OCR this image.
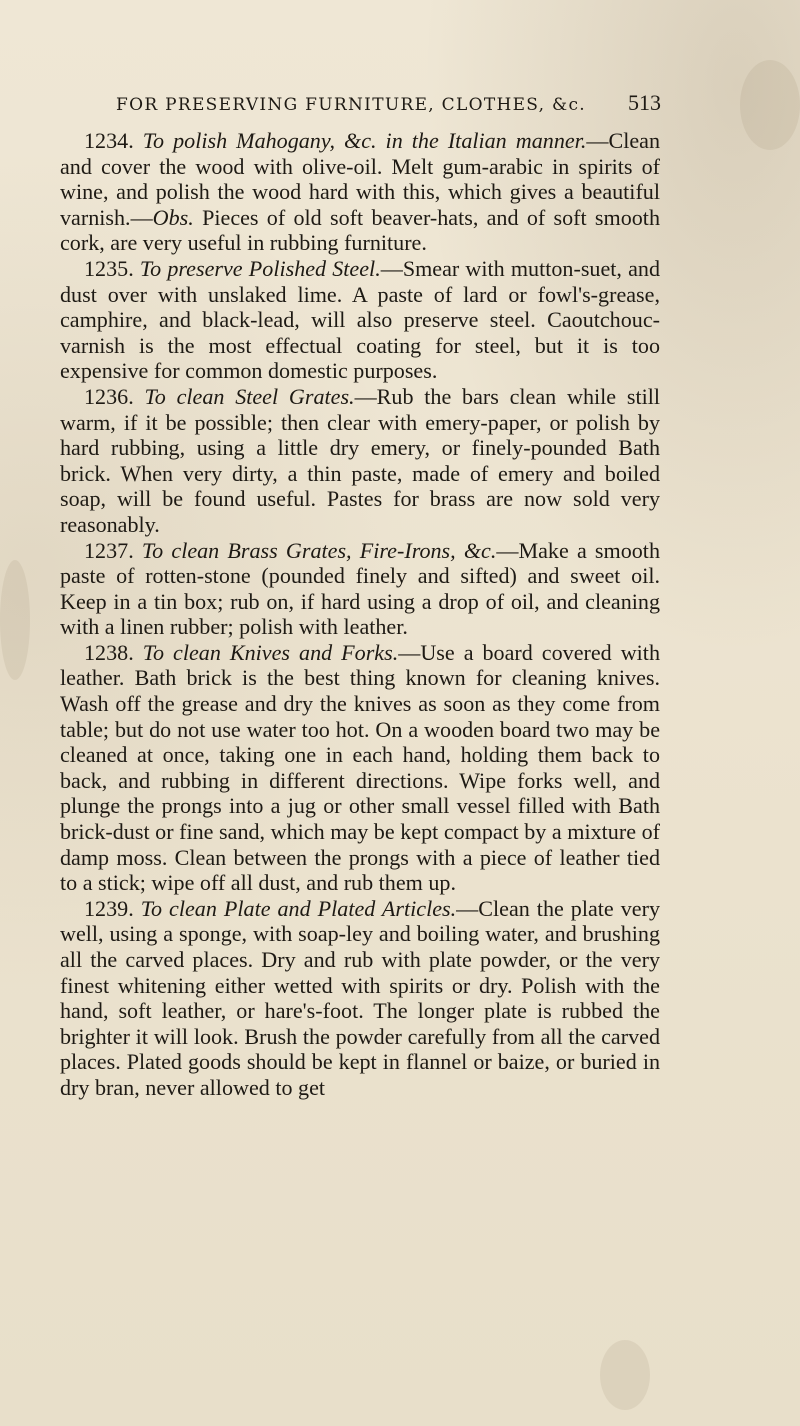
FOR PRESERVING FURNITURE, CLOTHES, &c. 513

1234. To polish Mahogany, &c. in the Italian manner.—Clean and cover the wood with olive-oil. Melt gum-arabic in spirits of wine, and polish the wood hard with this, which gives a beautiful varnish.—Obs. Pieces of old soft beaver-hats, and of soft smooth cork, are very useful in rubbing furniture.

1235. To preserve Polished Steel.—Smear with mutton-suet, and dust over with unslaked lime. A paste of lard or fowl's-grease, camphire, and black-lead, will also preserve steel. Caoutchouc-varnish is the most effectual coating for steel, but it is too expensive for common domestic purposes.

1236. To clean Steel Grates.—Rub the bars clean while still warm, if it be possible; then clear with emery-paper, or polish by hard rubbing, using a little dry emery, or finely-pounded Bath brick. When very dirty, a thin paste, made of emery and boiled soap, will be found useful. Pastes for brass are now sold very reasonably.

1237. To clean Brass Grates, Fire-Irons, &c.—Make a smooth paste of rotten-stone (pounded finely and sifted) and sweet oil. Keep in a tin box; rub on, if hard using a drop of oil, and cleaning with a linen rubber; polish with leather.

1238. To clean Knives and Forks.—Use a board covered with leather. Bath brick is the best thing known for cleaning knives. Wash off the grease and dry the knives as soon as they come from table; but do not use water too hot. On a wooden board two may be cleaned at once, taking one in each hand, holding them back to back, and rubbing in different directions. Wipe forks well, and plunge the prongs into a jug or other small vessel filled with Bath brick-dust or fine sand, which may be kept compact by a mixture of damp moss. Clean between the prongs with a piece of leather tied to a stick; wipe off all dust, and rub them up.

1239. To clean Plate and Plated Articles.—Clean the plate very well, using a sponge, with soap-ley and boiling water, and brushing all the carved places. Dry and rub with plate powder, or the very finest whitening either wetted with spirits or dry. Polish with the hand, soft leather, or hare's-foot. The longer plate is rubbed the brighter it will look. Brush the powder carefully from all the carved places. Plated goods should be kept in flannel or baize, or buried in dry bran, never allowed to get
